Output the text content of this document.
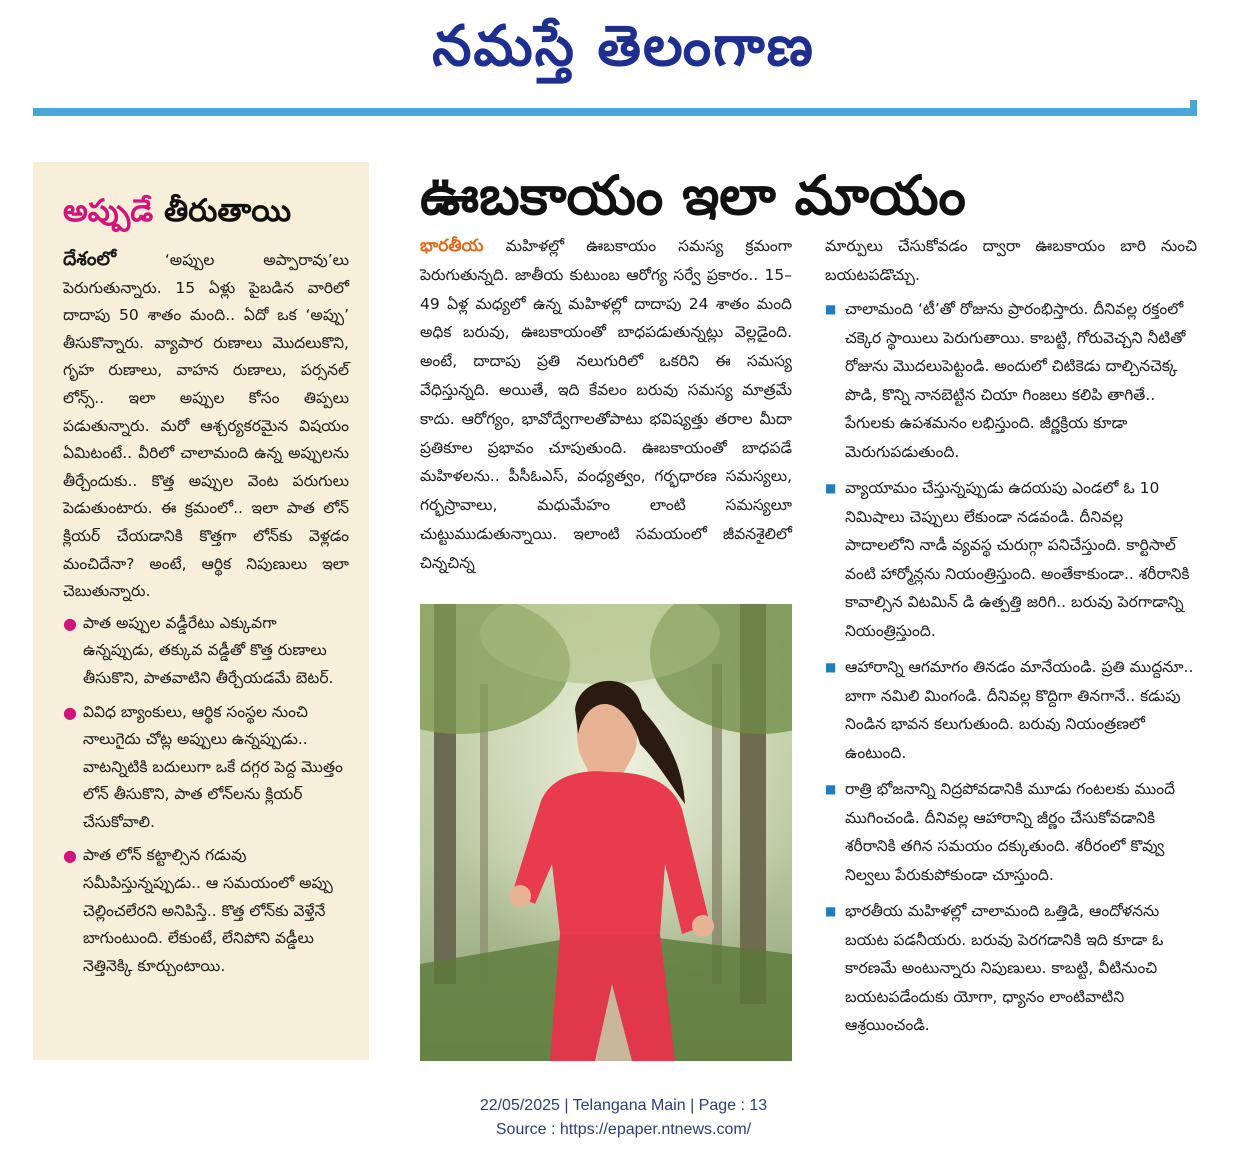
నమస్తే తెలంగాణ
అప్పుడే తీరుతాయి

దేశంలో ‘అప్పుల అప్పారావు’లు పెరుగుతున్నారు. 15 ఏళ్లు పైబడిన వారిలో దాదాపు 50 శాతం మంది.. ఏదో ఒక ‘అప్పు’ తీసుకొన్నారు. వ్యాపార రుణాలు మొదలుకొని, గృహ రుణాలు, వాహన రుణాలు, పర్సనల్ లోన్స్.. ఇలా అప్పుల కోసం తిప్పలు పడుతున్నారు. మరో ఆశ్చర్యకరమైన విషయం ఏమిటంటే.. వీరిలో చాలామంది ఉన్న అప్పులను తీర్చేందుకు.. కొత్త అప్పుల వెంట పరుగులు పెడుతుంటారు. ఈ క్రమంలో.. ఇలా పాత లోన్ క్లియర్ చేయడానికి కొత్తగా లోన్‌కు వెళ్లడం మంచిదేనా? అంటే, ఆర్థిక నిపుణులు ఇలా చెబుతున్నారు.

● పాత అప్పుల వడ్డీరేటు ఎక్కువగా ఉన్నప్పుడు, తక్కువ వడ్డీతో కొత్త రుణాలు తీసుకొని, పాతవాటిని తీర్చేయడమే బెటర్.
● వివిధ బ్యాంకులు, ఆర్థిక సంస్థల నుంచి నాలుగైదు చోట్ల అప్పులు ఉన్నప్పుడు.. వాటన్నిటికి బదులుగా ఒకే దగ్గర పెద్ద మొత్తం లోన్ తీసుకొని, పాత లోన్‌లను క్లియర్ చేసుకోవాలి.
● పాత లోన్ కట్టాల్సిన గడువు సమీపిస్తున్నప్పుడు.. ఆ సమయంలో అప్పు చెల్లించలేరని అనిపిస్తే.. కొత్త లోన్‌కు వెళ్తేనే బాగుంటుంది. లేకుంటే, లేనిపోని వడ్డీలు నెత్తినెక్కి కూర్చుంటాయి.
ఊబకాయం ఇలా మాయం

భారతీయ మహిళల్లో ఊబకాయం సమస్య క్రమంగా పెరుగుతున్నది. జాతీయ కుటుంబ ఆరోగ్య సర్వే ప్రకారం.. 15–49 ఏళ్ల మధ్యలో ఉన్న మహిళల్లో దాదాపు 24 శాతం మంది అధిక బరువు, ఊబకాయంతో బాధపడుతున్నట్లు వెల్లడైంది. అంటే, దాదాపు ప్రతి నలుగురిలో ఒకరిని ఈ సమస్య వేధిస్తున్నది. అయితే, ఇది కేవలం బరువు సమస్య మాత్రమే కాదు. ఆరోగ్యం, భావోద్వేగాలతోపాటు భవిష్యత్తు తరాల మీదా ప్రతికూల ప్రభావం చూపుతుంది. ఊబకాయంతో బాధపడే మహిళలను.. పీసీఓఎస్, వంధ్యత్వం, గర్భధారణ సమస్యలు, గర్భస్రావాలు, మధుమేహం లాంటి సమస్యలూ చుట్టుముడుతున్నాయి. ఇలాంటి సమయంలో జీవనశైలిలో చిన్నచిన్న

మార్పులు చేసుకోవడం ద్వారా ఊబకాయం బారి నుంచి బయటపడొచ్చు.

■ చాలామంది ‘టీ’తో రోజును ప్రారంభిస్తారు. దీనివల్ల రక్తంలో చక్కెర స్థాయిలు పెరుగుతాయి. కాబట్టి, గోరువెచ్చని నీటితో రోజును మొదలుపెట్టండి. అందులో చిటికెడు దాల్చినచెక్క పొడి, కొన్ని నానబెట్టిన చియా గింజలు కలిపి తాగితే.. పేగులకు ఉపశమనం లభిస్తుంది. జీర్ణక్రియ కూడా మెరుగుపడుతుంది.
■ వ్యాయామం చేస్తున్నప్పుడు ఉదయపు ఎండలో ఓ 10 నిమిషాలు చెప్పులు లేకుండా నడవండి. దీనివల్ల పాదాలలోని నాడీ వ్యవస్థ చురుగ్గా పనిచేస్తుంది. కార్టిసాల్ వంటి హార్మోన్లను నియంత్రిస్తుంది. అంతేకాకుండా.. శరీరానికి కావాల్సిన విటమిన్ డి ఉత్పత్తి జరిగి.. బరువు పెరగాడాన్ని నియంత్రిస్తుంది.
■ ఆహారాన్ని ఆగమాగం తినడం మానేయండి. ప్రతి ముద్దనూ.. బాగా నమిలి మింగండి. దీనివల్ల కొద్దిగా తినగానే.. కడుపు నిండిన భావన కలుగుతుంది. బరువు నియంత్రణలో ఉంటుంది.
■ రాత్రి భోజనాన్ని నిద్రపోవడానికి మూడు గంటలకు ముందే ముగించండి. దీనివల్ల ఆహారాన్ని జీర్ణం చేసుకోవడానికి శరీరానికి తగిన సమయం దక్కుతుంది. శరీరంలో కొవ్వు నిల్వలు పేరుకుపోకుండా చూస్తుంది.
■ భారతీయ మహిళల్లో చాలామంది ఒత్తిడి, ఆందోళనను బయట పడనీయరు. బరువు పెరగడానికి ఇది కూడా ఓ కారణమే అంటున్నారు నిపుణులు. కాబట్టి, వీటినుంచి బయటపడేందుకు యోగా, ధ్యానం లాంటివాటిని ఆశ్రయించండి.
22/05/2025 | Telangana Main | Page : 13
Source : https://epaper.ntnews.com/
